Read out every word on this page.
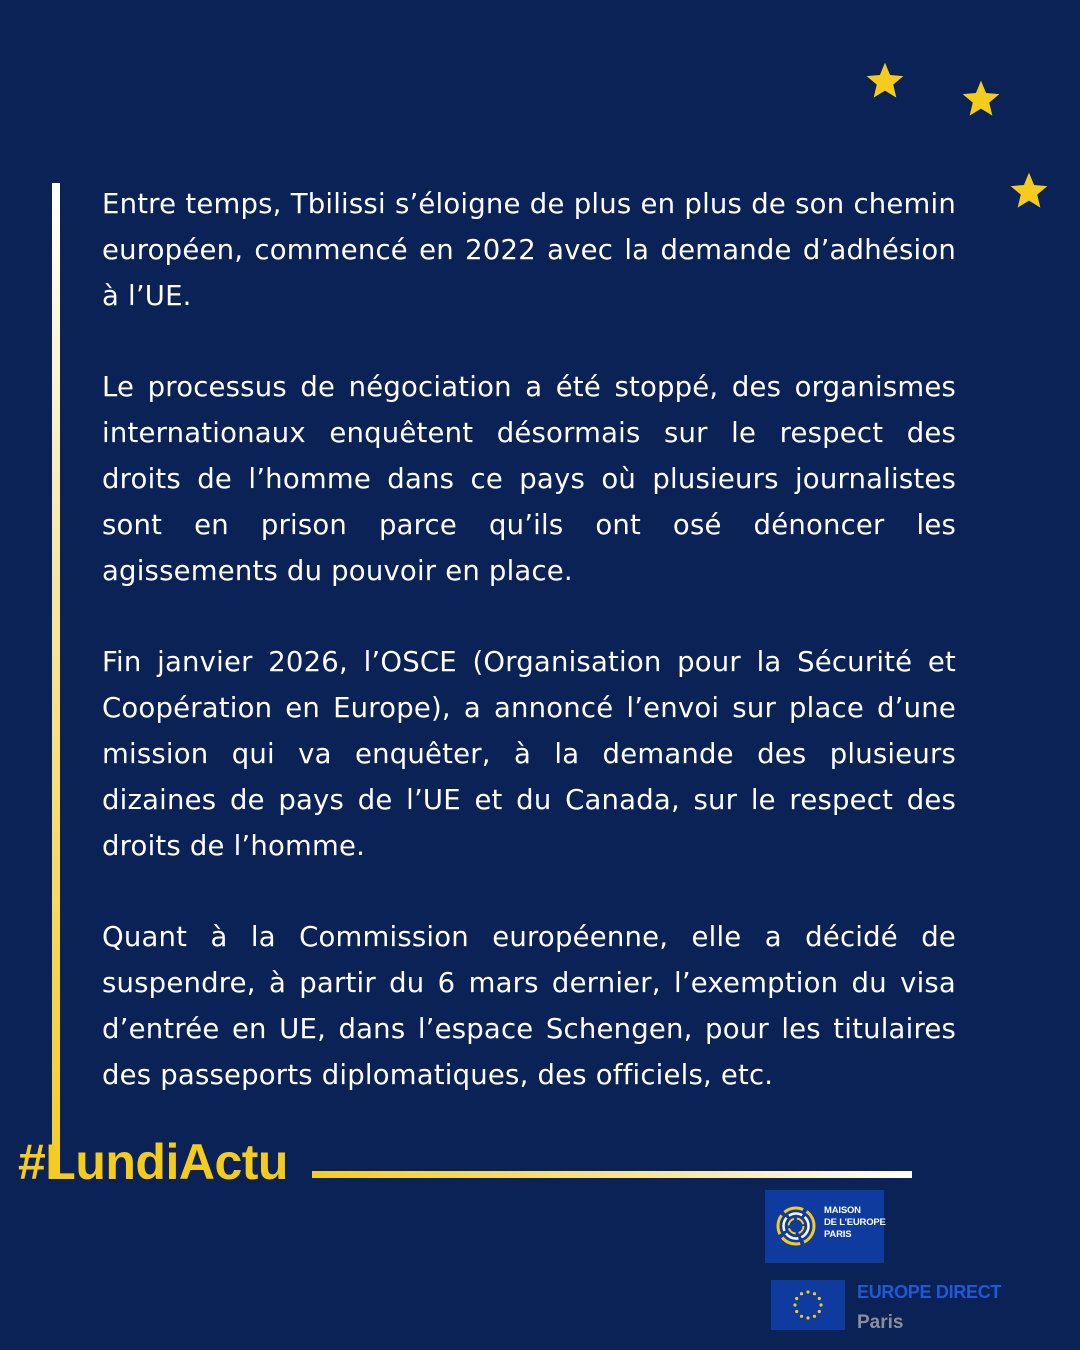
Entre temps, Tbilissi s’éloigne de plus en plus de son chemin européen, commencé en 2022 avec la demande d’adhésion à l’UE.

Le processus de négociation a été stoppé, des organismes internationaux enquêtent désormais sur le respect des droits de l’homme dans ce pays où plusieurs journalistes sont en prison parce qu’ils ont osé dénoncer les agissements du pouvoir en place.

Fin janvier 2026, l’OSCE (Organisation pour la Sécurité et Coopération en Europe), a annoncé l’envoi sur place d’une mission qui va enquêter, à la demande des plusieurs dizaines de pays de l’UE et du Canada, sur le respect des droits de l’homme.

Quant à la Commission européenne, elle a décidé de suspendre, à partir du 6 mars dernier, l’exemption du visa d’entrée en UE, dans l’espace Schengen, pour les titulaires des passeports diplomatiques, des officiels, etc.

#LundiActu
MAISON
DE L’EUROPE
PARIS
EUROPE DIRECT
Paris
